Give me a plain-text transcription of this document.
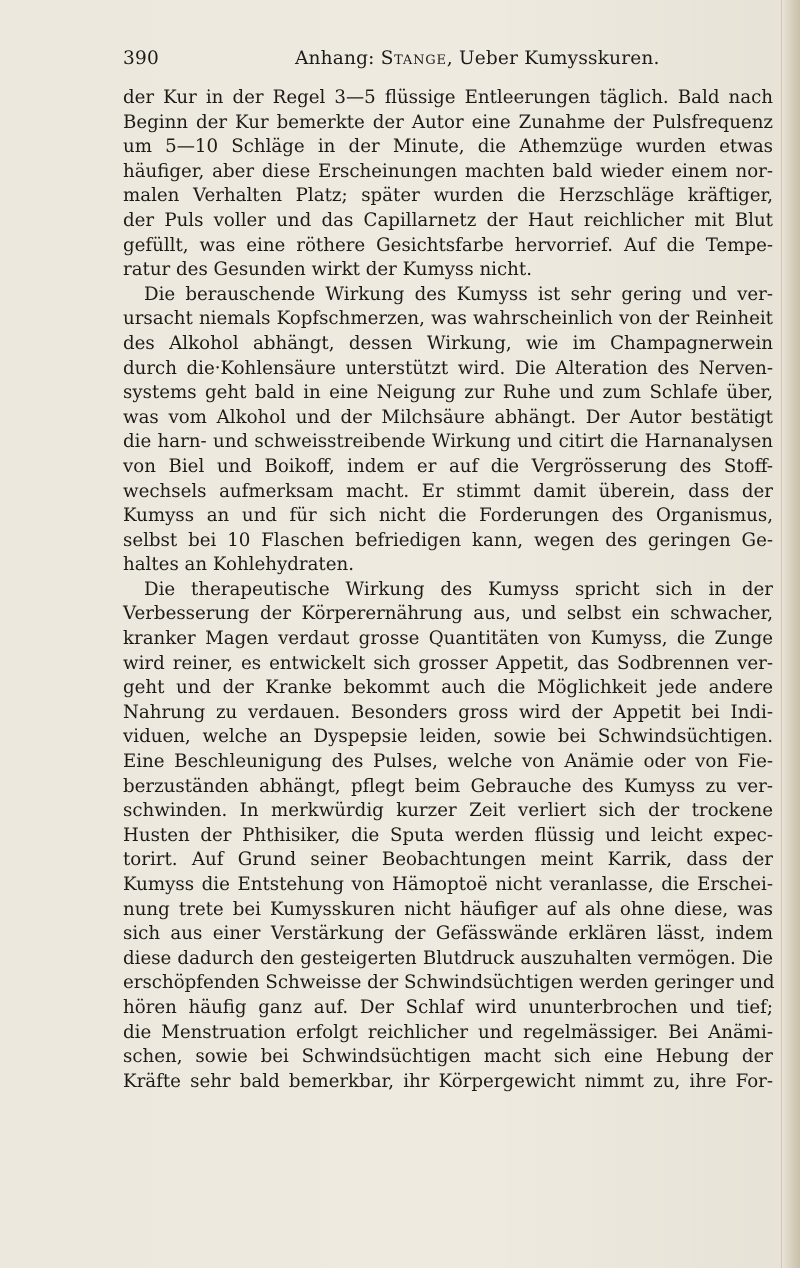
390	Anhang: Stange, Ueber Kumysskuren.
der Kur in der Regel 3—5 flüssige Entleerungen täglich. Bald nach
Beginn der Kur bemerkte der Autor eine Zunahme der Pulsfrequenz
um 5—10 Schläge in der Minute, die Athemzüge wurden etwas
häufiger, aber diese Erscheinungen machten bald wieder einem nor-
malen Verhalten Platz; später wurden die Herzschläge kräftiger,
der Puls voller und das Capillarnetz der Haut reichlicher mit Blut
gefüllt, was eine röthere Gesichtsfarbe hervorrief. Auf die Tempe-
ratur des Gesunden wirkt der Kumyss nicht.
Die berauschende Wirkung des Kumyss ist sehr gering und ver-
ursacht niemals Kopfschmerzen, was wahrscheinlich von der Reinheit
des Alkohol abhängt, dessen Wirkung, wie im Champagnerwein
durch die·Kohlensäure unterstützt wird. Die Alteration des Nerven-
systems geht bald in eine Neigung zur Ruhe und zum Schlafe über,
was vom Alkohol und der Milchsäure abhängt. Der Autor bestätigt
die harn- und schweisstreibende Wirkung und citirt die Harnanalysen
von Biel und Boikoff, indem er auf die Vergrösserung des Stoff-
wechsels aufmerksam macht. Er stimmt damit überein, dass der
Kumyss an und für sich nicht die Forderungen des Organismus,
selbst bei 10 Flaschen befriedigen kann, wegen des geringen Ge-
haltes an Kohlehydraten.
Die therapeutische Wirkung des Kumyss spricht sich in der
Verbesserung der Körperernährung aus, und selbst ein schwacher,
kranker Magen verdaut grosse Quantitäten von Kumyss, die Zunge
wird reiner, es entwickelt sich grosser Appetit, das Sodbrennen ver-
geht und der Kranke bekommt auch die Möglichkeit jede andere
Nahrung zu verdauen. Besonders gross wird der Appetit bei Indi-
viduen, welche an Dyspepsie leiden, sowie bei Schwindsüchtigen.
Eine Beschleunigung des Pulses, welche von Anämie oder von Fie-
berzuständen abhängt, pflegt beim Gebrauche des Kumyss zu ver-
schwinden. In merkwürdig kurzer Zeit verliert sich der trockene
Husten der Phthisiker, die Sputa werden flüssig und leicht expec-
torirt. Auf Grund seiner Beobachtungen meint Karrik, dass der
Kumyss die Entstehung von Hämoptoë nicht veranlasse, die Erschei-
nung trete bei Kumysskuren nicht häufiger auf als ohne diese, was
sich aus einer Verstärkung der Gefässwände erklären lässt, indem
diese dadurch den gesteigerten Blutdruck auszuhalten vermögen. Die
erschöpfenden Schweisse der Schwindsüchtigen werden geringer und
hören häufig ganz auf. Der Schlaf wird ununterbrochen und tief;
die Menstruation erfolgt reichlicher und regelmässiger. Bei Anämi-
schen, sowie bei Schwindsüchtigen macht sich eine Hebung der
Kräfte sehr bald bemerkbar, ihr Körpergewicht nimmt zu, ihre For-
